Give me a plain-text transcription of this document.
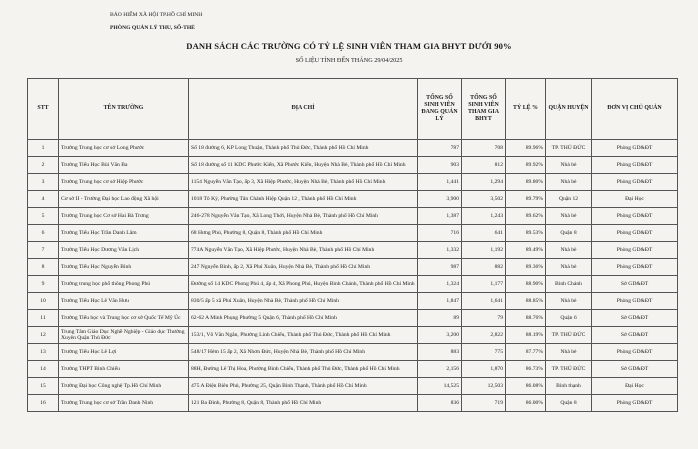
BẢO HIỂM XÃ HỘI TP.HỒ CHÍ MINH
PHÒNG QUẢN LÝ THU, SỔ-THẺ
DANH SÁCH CÁC TRƯỜNG CÓ TỶ LỆ SINH VIÊN THAM GIA BHYT DƯỚI 90%
SỐ LIỆU TÍNH ĐẾN THÁNG 29/04/2025
STT	TÊN TRƯỜNG	ĐỊA CHỈ	TỔNG SỐ SINH VIÊN ĐANG QUẢN LÝ	TỔNG SỐ SINH VIÊN THAM GIA BHYT	TỶ LỆ %	QUẬN HUYỆN	ĐƠN VỊ CHỦ QUẢN
1	Trường Trung học cơ sở Long Phước	Số 18 đường 6, KP Long Thuận, Thành phố Thủ Đức, Thành phố Hồ Chí Minh	787	708	89.96%	TP. THỦ ĐỨC	Phòng GD&ĐT
2	Trường Tiểu Học Bùi Văn Ba	Số 18 đường số 11 KDC Phước Kiển, Xã Phước Kiển, Huyện Nhà Bè, Thành phố Hồ Chí Minh	903	812	89.92%	Nhà bè	Phòng GD&ĐT
3	Trường Trung học cơ sở Hiệp Phước	1154 Nguyễn Văn Tạo, ấp 3, Xã Hiệp Phước, Huyện Nhà Bè, Thành phố Hồ Chí Minh	1,441	1,294	89.80%	Nhà bè	Phòng GD&ĐT
4	Cơ sở II - Trường Đại học Lao động Xã hội	1018 Tô Ký, Phường Tân Chánh Hiệp Quận 12 , Thành phố Hồ Chí Minh	3,900	3,502	89.79%	Quận 12	Đại Học
5	Trường Trung học Cơ sở Hai Bà Trưng	246-278 Nguyễn Văn Tạo, Xã Long Thới, Huyện Nhà Bè, Thành phố Hồ Chí Minh	1,387	1,243	89.62%	Nhà bè	Phòng GD&ĐT
6	Trường Tiểu Học Trần Danh Lâm	68 Hưng Phú, Phường 8, Quận 8, Thành phố Hồ Chí Minh	716	641	89.53%	Quận 8	Phòng GD&ĐT
7	Trường Tiểu Học Dương Văn Lịch	774A Nguyễn Văn Tạo, Xã Hiệp Phước, Huyện Nhà Bè, Thành phố Hồ Chí Minh	1,332	1,192	89.49%	Nhà bè	Phòng GD&ĐT
8	Trường Tiểu Học Nguyễn Bình	247 Nguyễn Bình, ấp 2, Xã Phú Xuân, Huyện Nhà Bè, Thành phố Hồ Chí Minh	987	882	89.36%	Nhà bè	Phòng GD&ĐT
9	Trường trung học phổ thông Phong Phú	Đường số 14 KDC Phong Phú 4, ấp 4, Xã Phong Phú, Huyện Bình Chánh, Thành phố Hồ Chí Minh	1,324	1,177	88.90%	Bình Chánh	Sở GD&ĐT
10	Trường Tiểu Học Lê Văn Hưu	830/5 ấp 5 xã Phú Xuân, Huyện Nhà Bè, Thành phố Hồ Chí Minh	1,847	1,641	88.85%	Nhà bè	Phòng GD&ĐT
11	Trường Tiểu học và Trung học cơ sở Quốc Tế Mỹ Úc	62-62 A Minh Phụng Phường 5 Quận 6, Thành phố Hồ Chí Minh	89	79	88.76%	Quận 6	Sở GD&ĐT
12	Trung Tâm Giáo Dục Nghề Nghiệp - Giáo dục Thường Xuyên Quận Thủ Đức	153/1, Võ Văn Ngân, Phường Linh Chiểu, Thành phố Thủ Đức, Thành phố Hồ Chí Minh	3,200	2,822	88.19%	TP. THỦ ĐỨC	Sở GD&ĐT
13	Trường Tiểu Học Lê Lợi	548/17 Hẻm 15 ấp 2, Xã Nhơn Đức, Huyện Nhà Bè, Thành phố Hồ Chí Minh	883	775	87.77%	Nhà bè	Phòng GD&ĐT
14	Trường THPT Bình Chiểu	88H, Đường Lê Thị Hoa, Phường Bình Chiểu, Thành phố Thủ Đức, Thành phố Hồ Chí Minh	2,156	1,870	86.73%	TP. THỦ ĐỨC	Sở GD&ĐT
15	Trường Đại học Công nghệ Tp.Hồ Chí Minh	475 A Điện Biên Phủ, Phường 25, Quận Bình Thạnh, Thành phố Hồ Chí Minh	14,525	12,503	86.08%	Bình thạnh	Đại Học
16	Trường Trung học cơ sở Trần Danh Ninh	121 Ba Đình, Phường 8, Quận 8, Thành phố Hồ Chí Minh	836	719	86.00%	Quận 8	Phòng GD&ĐT
